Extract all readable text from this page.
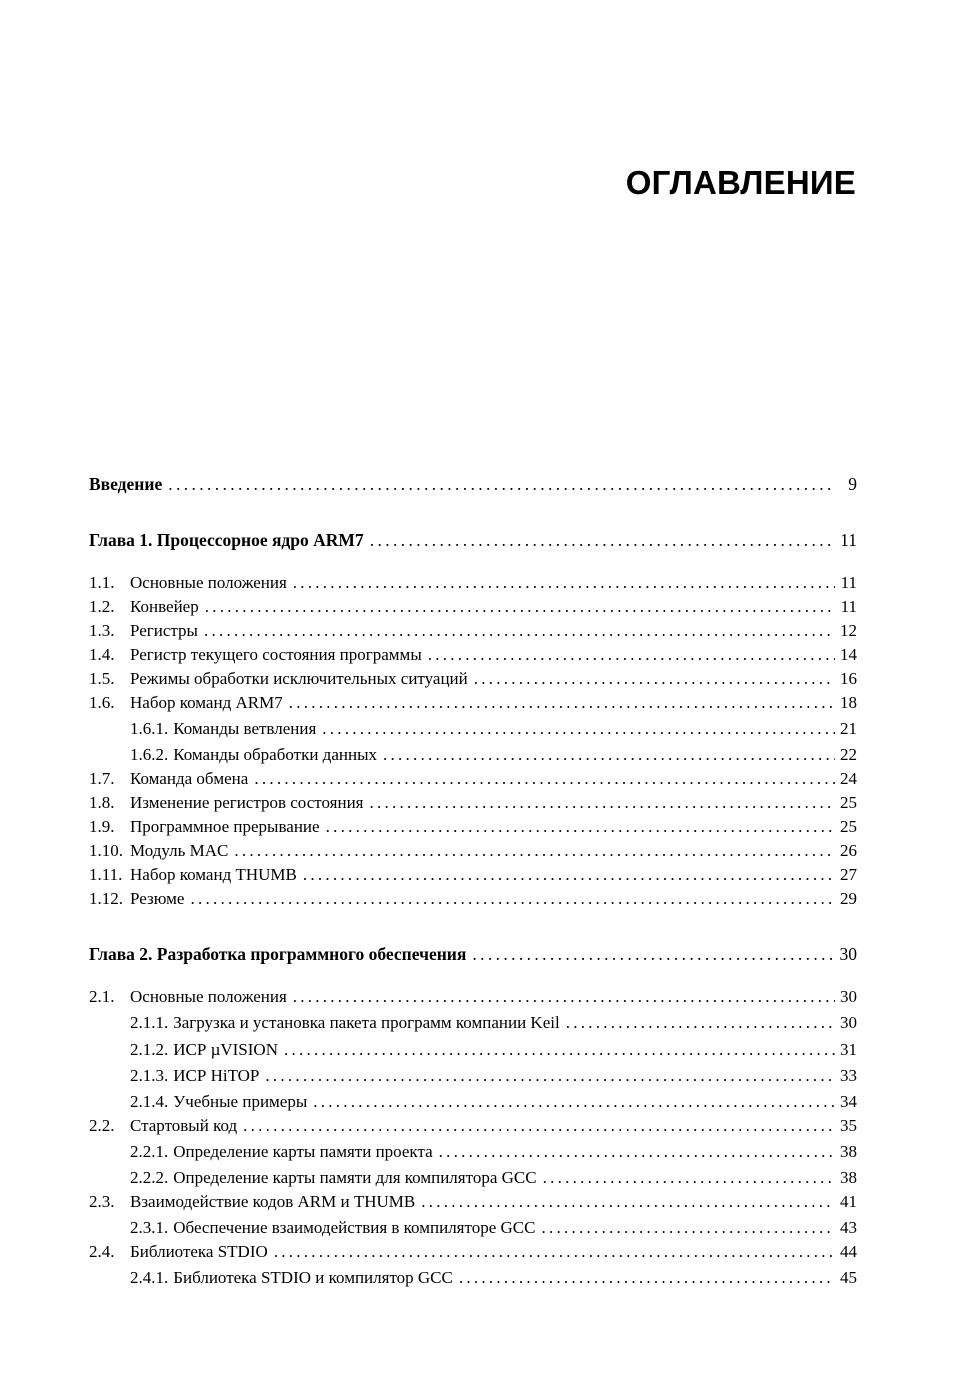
ОГЛАВЛЕНИЕ
Введение . . .	9
Глава 1. Процессорное ядро ARM7 . . .	11
1.1. Основные положения . . .	11
1.2. Конвейер . . .	11
1.3. Регистры . . .	12
1.4. Регистр текущего состояния программы . . .	14
1.5. Режимы обработки исключительных ситуаций . . .	16
1.6. Набор команд ARM7 . . .	18
1.6.1. Команды ветвления . . .	21
1.6.2. Команды обработки данных . . .	22
1.7. Команда обмена . . .	24
1.8. Изменение регистров состояния . . .	25
1.9. Программное прерывание . . .	25
1.10. Модуль MAC . . .	26
1.11. Набор команд THUMB . . .	27
1.12. Резюме . . .	29
Глава 2. Разработка программного обеспечения . . .	30
2.1. Основные положения . . .	30
2.1.1. Загрузка и установка пакета программ компании Keil . . .	30
2.1.2. ИСР µVISION . . .	31
2.1.3. ИСР HiTOP . . .	33
2.1.4. Учебные примеры . . .	34
2.2. Стартовый код . . .	35
2.2.1. Определение карты памяти проекта . . .	38
2.2.2. Определение карты памяти для компилятора GCC . . .	38
2.3. Взаимодействие кодов ARM и THUMB . . .	41
2.3.1. Обеспечение взаимодействия в компиляторе GCC . . .	43
2.4. Библиотека STDIO . . .	44
2.4.1. Библиотека STDIO и компилятор GCC . . .	45
